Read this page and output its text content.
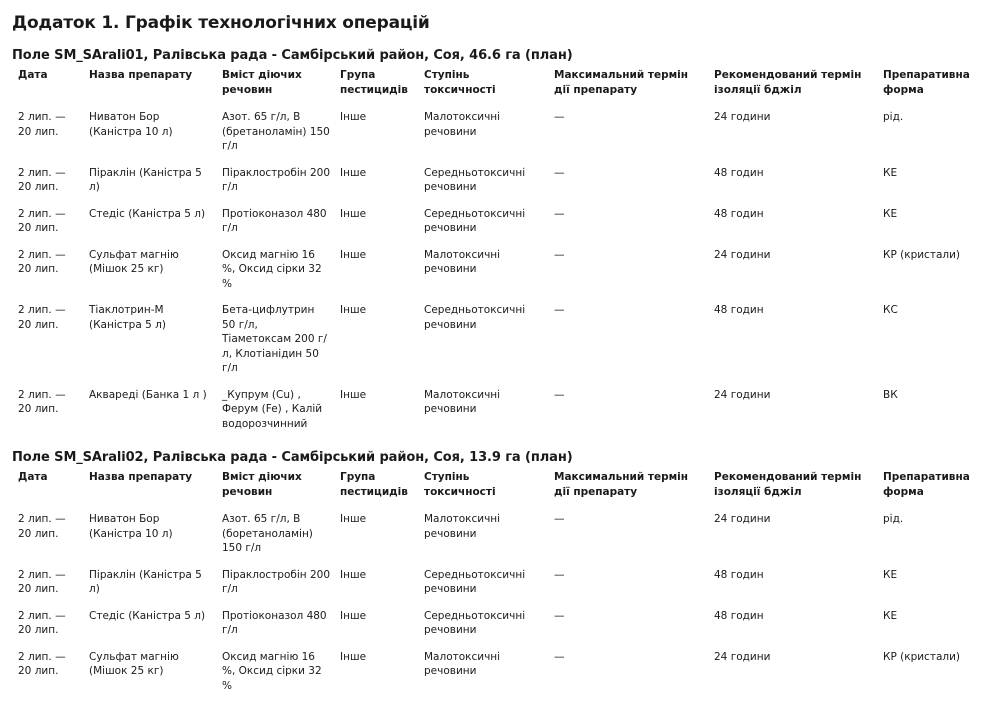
Додаток 1. Графік технологічних операцій
Поле SM_SArali01, Ралівська рада - Самбірський район, Соя, 46.6 га (план)
Дата	Назва препарату	Вміст діючих речовин	Група пестицидів	Ступінь токсичності	Максимальний термін дії препарату	Рекомендований термін ізоляції бджіл	Препаративна форма
2 лип. — 20 лип.	Ниватон Бор (Каністра 10 л)	Азот. 65 г/л, В (бретаноламін) 150 г/л	Інше	Малотоксичні речовини	—	24 години	рід.
2 лип. — 20 лип.	Піраклін (Каністра 5 л)	Піраклостробін 200 г/л	Інше	Середньотоксичні речовини	—	48 годин	КЕ
2 лип. — 20 лип.	Стедіс (Каністра 5 л)	Протіоконазол 480 г/л	Інше	Середньотоксичні речовини	—	48 годин	КЕ
2 лип. — 20 лип.	Сульфат магнію (Мішок 25 кг)	Оксид магнію 16 %, Оксид сірки 32 %	Інше	Малотоксичні речовини	—	24 години	КР (кристали)
2 лип. — 20 лип.	Тіаклотрин-М (Каністра 5 л)	Бета-цифлутрин 50 г/л, Тіаметоксам 200 г/л, Клотіанідин 50 г/л	Інше	Середньотоксичні речовини	—	48 годин	КС
2 лип. — 20 лип.	Аквареді (Банка 1 л )	_Купрум (Cu) , Ферум (Fe) , Калій водорозчинний	Інше	Малотоксичні речовини	—	24 години	ВК
Поле SM_SArali02, Ралівська рада - Самбірський район, Соя, 13.9 га (план)
Дата	Назва препарату	Вміст діючих речовин	Група пестицидів	Ступінь токсичності	Максимальний термін дії препарату	Рекомендований термін ізоляції бджіл	Препаративна форма
2 лип. — 20 лип.	Ниватон Бор (Каністра 10 л)	Азот. 65 г/л, В (боретаноламін) 150 г/л	Інше	Малотоксичні речовини	—	24 години	рід.
2 лип. — 20 лип.	Піраклін (Каністра 5 л)	Піраклостробін 200 г/л	Інше	Середньотоксичні речовини	—	48 годин	КЕ
2 лип. — 20 лип.	Стедіс (Каністра 5 л)	Протіоконазол 480 г/л	Інше	Середньотоксичні речовини	—	48 годин	КЕ
2 лип. — 20 лип.	Сульфат магнію (Мішок 25 кг)	Оксид магнію 16 %, Оксид сірки 32 %	Інше	Малотоксичні речовини	—	24 години	КР (кристали)
